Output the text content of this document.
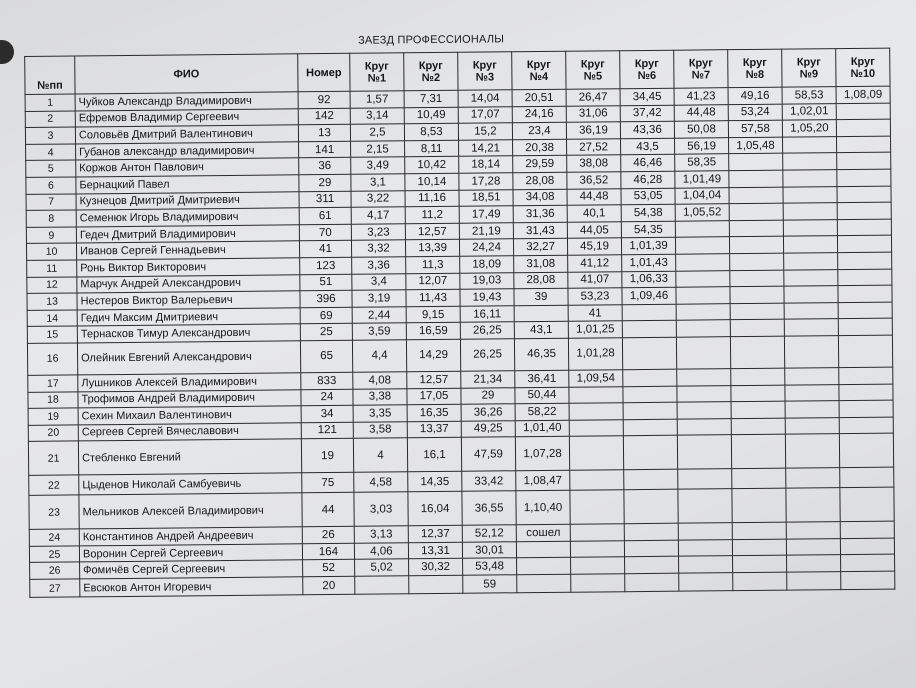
ЗАЕЗД ПРОФЕССИОНАЛЫ
№пп	ФИО	Номер	Круг №1	Круг №2	Круг №3	Круг №4	Круг №5	Круг №6	Круг №7	Круг №8	Круг №9	Круг №10

1	Чуйков Александр Владимирович	92	1,57	7,31	14,04	20,51	26,47	34,45	41,23	49,16	58,53	1,08,09
2	Ефремов Владимир Сергеевич	142	3,14	10,49	17,07	24,16	31,06	37,42	44,48	53,24	1,02,01	
3	Соловьёв Дмитрий Валентинович	13	2,5	8,53	15,2	23,4	36,19	43,36	50,08	57,58	1,05,20	
4	Губанов александр владимирович	141	2,15	8,11	14,21	20,38	27,52	43,5	56,19	1,05,48		
5	Коржов Антон Павлович	36	3,49	10,42	18,14	29,59	38,08	46,46	58,35			
6	Бернацкий Павел	29	3,1	10,14	17,28	28,08	36,52	46,28	1,01,49			
7	Кузнецов Дмитрий Дмитриевич	311	3,22	11,16	18,51	34,08	44,48	53,05	1,04,04			
8	Семенюк Игорь Владимирович	61	4,17	11,2	17,49	31,36	40,1	54,38	1,05,52			
9	Гедеч Дмитрий Владимирович	70	3,23	12,57	21,19	31,43	44,05	54,35				
10	Иванов Сергей Геннадьевич	41	3,32	13,39	24,24	32,27	45,19	1,01,39				
11	Ронь Виктор Викторович	123	3,36	11,3	18,09	31,08	41,12	1,01,43				
12	Марчук Андрей Александрович	51	3,4	12,07	19,03	28,08	41,07	1,06,33				
13	Нестеров Виктор Валерьевич	396	3,19	11,43	19,43	39	53,23	1,09,46				
14	Гедич Максим Дмитриевич	69	2,44	9,15	16,11		41					
15	Тернасков Тимур Александрович	25	3,59	16,59	26,25	43,1	1,01,25					
16	Олейник Евгений Александрович	65	4,4	14,29	26,25	46,35	1,01,28					
17	Лушников Алексей Владимирович	833	4,08	12,57	21,34	36,41	1,09,54					
18	Трофимов Андрей Владимирович	24	3,38	17,05	29	50,44						
19	Сехин Михаил Валентинович	34	3,35	16,35	36,26	58,22						
20	Сергеев Сергей Вячеславович	121	3,58	13,37	49,25	1,01,40						
21	Стебленко Евгений	19	4	16,1	47,59	1,07,28						
22	Цыденов Николай Самбуевичь	75	4,58	14,35	33,42	1,08,47						
23	Мельников Алексей Владимирович	44	3,03	16,04	36,55	1,10,40						
24	Константинов Андрей Андреевич	26	3,13	12,37	52,12	сошел						
25	Воронин Сергей Сергеевич	164	4,06	13,31	30,01							
26	Фомичёв Сергей Сергеевич	52	5,02	30,32	53,48							
27	Евсюков Антон Игоревич	20			59							
